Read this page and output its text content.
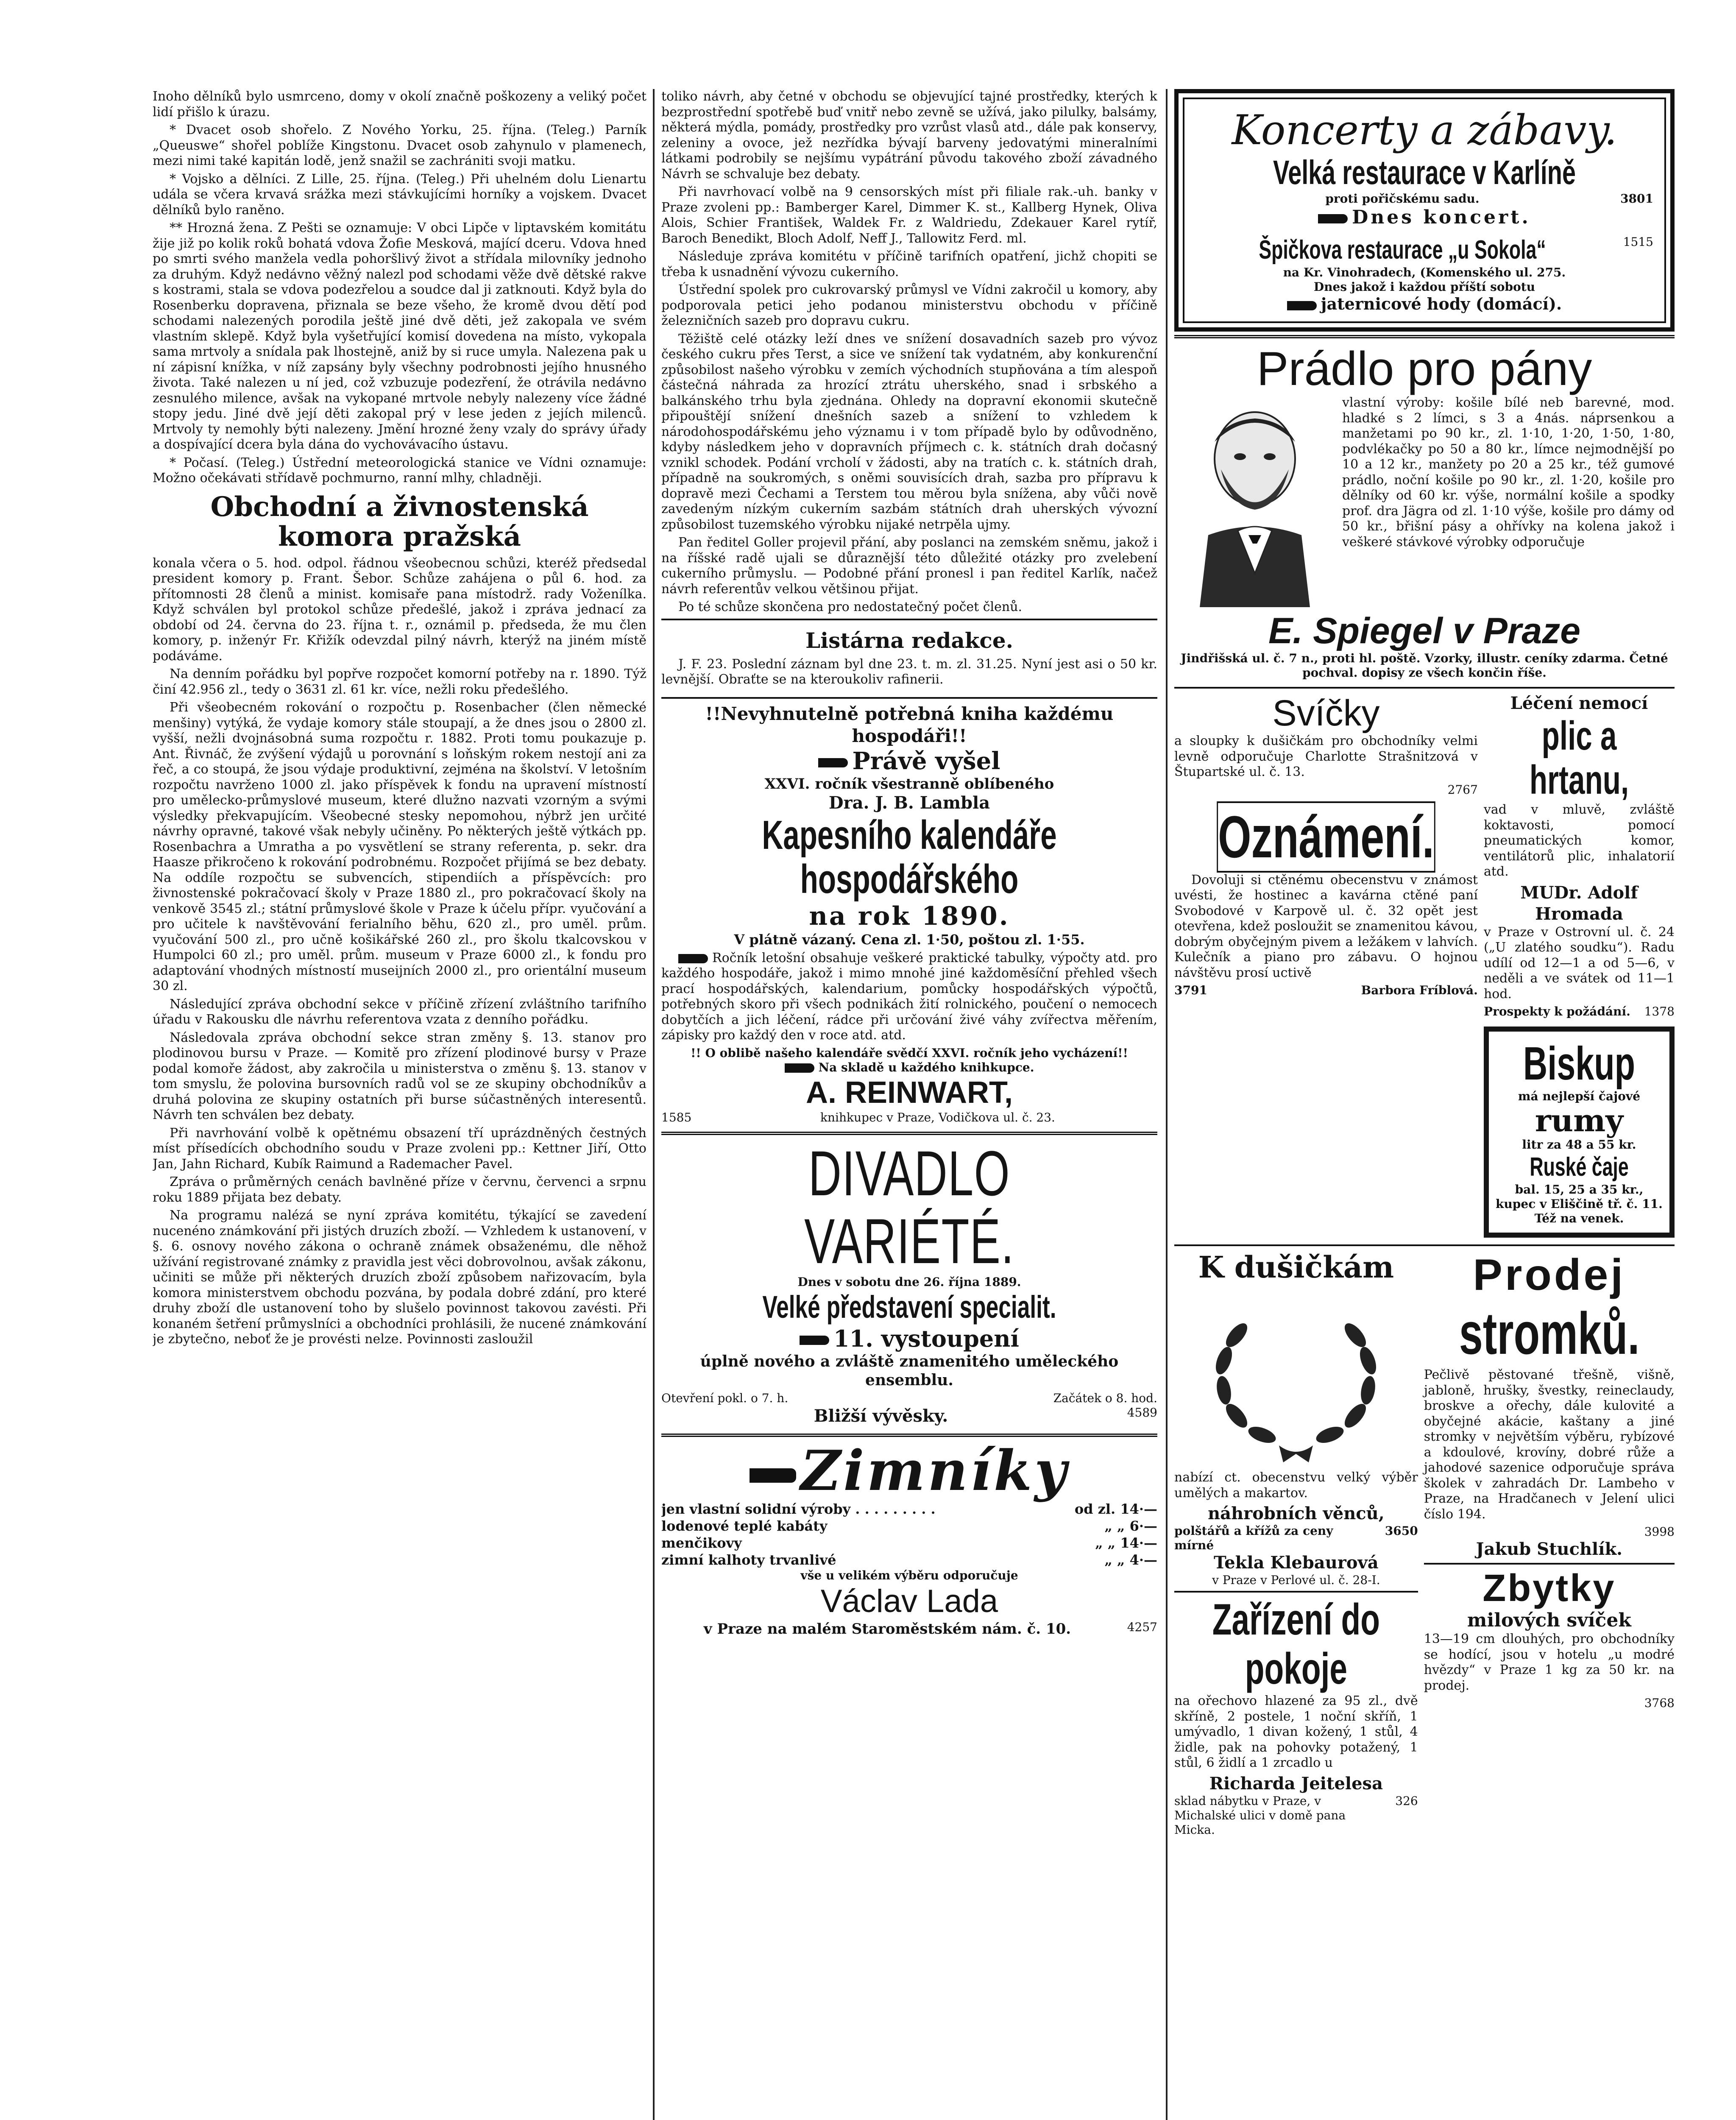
Inoho dělníků bylo usmrceno, domy v okolí značně poškozeny a veliký počet lidí přišlo k úrazu.

* Dvacet osob shořelo. Z Nového Yorku, 25. října. (Teleg.) Parník „Queuswe“ shořel poblíže Kingstonu. Dvacet osob zahynulo v plamenech, mezi nimi také kapitán lodě, jenž snažil se zachrániti svoji matku.

* Vojsko a dělníci. Z Lille, 25. října. (Teleg.) Při uhelném dolu Lienartu udála se včera krvavá srážka mezi stávkujícími horníky a vojskem. Dvacet dělníků bylo raněno.

** Hrozná žena. Z Pešti se oznamuje: V obci Lipče v liptavském komitátu žije již po kolik roků bohatá vdova Žofie Mesková, mající dceru. Vdova hned po smrti svého manžela vedla pohoršlivý život a střídala milovníky jednoho za druhým. Když nedávno věžný nalezl pod schodami věže dvě dětské rakve s kostrami, stala se vdova podezřelou a soudce dal ji zatknouti. Když byla do Rosenberku dopravena, přiznala se beze všeho, že kromě dvou dětí pod schodami nalezených porodila ještě jiné dvě děti, jež zakopala ve svém vlastním sklepě. Když byla vyšetřující komisí dovedena na místo, vykopala sama mrtvoly a snídala pak lhostejně, aniž by si ruce umyla. Nalezena pak u ní zápisní knížka, v níž zapsány byly všechny podrobnosti jejího hnusného života. Také nalezen u ní jed, což vzbuzuje podezření, že otrávila nedávno zesnulého milence, avšak na vykopané mrtvole nebyly nalezeny více žádné stopy jedu. Jiné dvě její děti zakopal prý v lese jeden z jejích milenců. Mrtvoly ty nemohly býti nalezeny. Jmění hrozné ženy vzaly do správy úřady a dospívající dcera byla dána do vychovávacího ústavu.

* Počasí. (Teleg.) Ústřední meteorologická stanice ve Vídni oznamuje: Možno očekávati střídavě pochmurno, ranní mlhy, chladněji.

Obchodní a živnostenská komora pražská

konala včera o 5. hod. odpol. řádnou všeobecnou schůzi, kteréž předsedal president komory p. Frant. Šebor. Schůze zahájena o půl 6. hod. za přítomnosti 28 členů a minist. komisaře pana místodrž. rady Voženílka. Když schválen byl protokol schůze předešlé, jakož i zpráva jednací za období od 24. června do 23. října t. r., oznámil p. předseda, že mu člen komory, p. inženýr Fr. Křižík odevzdal pilný návrh, kterýž na jiném místě podáváme.

Na denním pořádku byl popřve rozpočet komorní potřeby na r. 1890. Týž činí 42.956 zl., tedy o 3631 zl. 61 kr. více, nežli roku předešlého.

Při všeobecném rokování o rozpočtu p. Rosenbacher (člen německé menšiny) vytýká, že vydaje komory stále stoupají, a že dnes jsou o 2800 zl. vyšší, nežli dvojnásobná suma rozpočtu r. 1882. Proti tomu poukazuje p. Ant. Řivnáč, že zvýšení výdajů u porovnání s loňským rokem nestojí ani za řeč, a co stoupá, že jsou výdaje produktivní, zejména na školství. V letošním rozpočtu navrženo 1000 zl. jako příspěvek k fondu na upravení místností pro umělecko-průmyslové museum, které dlužno nazvati vzorným a svými výsledky překvapujícím. Všeobecné stesky nepomohou, nýbrž jen určité návrhy opravné, takové však nebyly učiněny. Po některých ještě výtkách pp. Rosenbachra a Umratha a po vysvětlení se strany referenta, p. sekr. dra Haasze přikročeno k rokování podrobnému. Rozpočet přijímá se bez debaty. Na oddíle rozpočtu se subvencích, stipendiích a příspěvcích: pro živnostenské pokračovací školy v Praze 1880 zl., pro pokračovací školy na venkově 3545 zl.; státní průmyslové škole v Praze k účelu přípr. vyučování a pro učitele k navštěvování ferialního běhu, 620 zl., pro uměl. prům. vyučování 500 zl., pro učně košikářské 260 zl., pro školu tkalcovskou v Humpolci 60 zl.; pro uměl. prům. museum v Praze 6000 zl., k fondu pro adaptování vhodných místností museijních 2000 zl., pro orientální museum 30 zl.

Následující zpráva obchodní sekce v příčině zřízení zvláštního tarifního úřadu v Rakousku dle návrhu referentova vzata z denního pořádku.

Následovala zpráva obchodní sekce stran změny §. 13. stanov pro plodinovou bursu v Praze. — Komitě pro zřízení plodinové bursy v Praze podal komoře žádost, aby zakročila u ministerstva o změnu §. 13. stanov v tom smyslu, že polovina bursovních radů vol se ze skupiny obchodníkův a druhá polovina ze skupiny ostatních při burse súčastněných interesentů. Návrh ten schválen bez debaty.

Při navrhování volbě k opětnému obsazení tří uprázdněných čestných míst přísedících obchodního soudu v Praze zvoleni pp.: Kettner Jiří, Otto Jan, Jahn Richard, Kubík Raimund a Rademacher Pavel.

Zpráva o průměrných cenách bavlněné příze v červnu, červenci a srpnu roku 1889 přijata bez debaty.

Na programu nalézá se nyní zpráva komitétu, týkající se zavedení nucenéno známkování při jistých druzích zboží. — Vzhledem k ustanovení, v §. 6. osnovy nového zákona o ochraně známek obsaženému, dle něhož užívání registrované známky z pravidla jest věci dobrovolnou, avšak zákonu, učiniti se může při některých druzích zboží způsobem nařizovacím, byla komora ministerstvem obchodu pozvána, by podala dobré zdání, pro které druhy zboží dle ustanovení toho by slušelo povinnost takovou zavésti. Při konaném šetření průmyslníci a obchodníci prohlásili, že nucené známkování je zbytečno, neboť že je provésti nelze. Povinnosti zasloužil

toliko návrh, aby četné v obchodu se objevující tajné prostředky, kterých k bezprostřední spotřebě buď vnitř nebo zevně se užívá, jako pilulky, balsámy, některá mýdla, pomády, prostředky pro vzrůst vlasů atd., dále pak konservy, zeleniny a ovoce, jež nezřídka bývají barveny jedovatými mineralními látkami podrobily se nejšímu vypátrání původu takového zboží závadného Návrh se schvaluje bez debaty.

Při navrhovací volbě na 9 censorských míst při filiale rak.-uh. banky v Praze zvoleni pp.: Bamberger Karel, Dimmer K. st., Kallberg Hynek, Oliva Alois, Schier František, Waldek Fr. z Waldriedu, Zdekauer Karel rytíř, Baroch Benedikt, Bloch Adolf, Neff J., Tallowitz Ferd. ml.

Následuje zpráva komitétu v příčině tarifních opatření, jichž chopiti se třeba k usnadnění vývozu cukerního.

Ústřední spolek pro cukrovarský průmysl ve Vídni zakročil u komory, aby podporovala petici jeho podanou ministerstvu obchodu v příčině železničních sazeb pro dopravu cukru.

Těžiště celé otázky leží dnes ve snížení dosavadních sazeb pro vývoz českého cukru přes Terst, a sice ve snížení tak vydatném, aby konkurenční způsobilost našeho výrobku v zemích východních stupňována a tím alespoň částečná náhrada za hrozící ztrátu uherského, snad i srbského a balkánského trhu byla zjednána. Ohledy na dopravní ekonomii skutečně připouštějí snížení dnešních sazeb a snížení to vzhledem k národohospodářskému jeho významu i v tom případě bylo by odůvodněno, kdyby následkem jeho v dopravních příjmech c. k. státních drah dočasný vznikl schodek. Podání vrcholí v žádosti, aby na tratích c. k. státních drah, případně na soukromých, s oněmi souvisících drah, sazba pro přípravu k dopravě mezi Čechami a Terstem tou měrou byla snížena, aby vůči nově zavedeným nízkým cukerním sazbám státních drah uherských vývozní způsobilost tuzemského výrobku nijaké netrpěla ujmy.

Pan ředitel Goller projevil přání, aby poslanci na zemském sněmu, jakož i na říšské radě ujali se důraznější této důležité otázky pro zvelebení cukerního průmyslu. — Podobné přání pronesl i pan ředitel Karlík, načež návrh referentův velkou většinou přijat.

Po té schůze skončena pro nedostatečný počet členů.

Listárna redakce.

J. F. 23. Poslední záznam byl dne 23. t. m. zl. 31.25. Nyní jest asi o 50 kr. levnější. Obraťte se na kteroukoliv rafinerii.

!!Nevyhnutelně potřebná kniha každému hospodáři!!
Právě vyšel
XXVI. ročník všestranně oblíbeného
Dra. J. B. Lambla
Kapesního kalendáře hospodářského
na rok 1890.
V plátně vázaný. Cena zl. 1·50, poštou zl. 1·55.

Ročník letošní obsahuje veškeré praktické tabulky, výpočty atd. pro každého hospodáře, jakož i mimo mnohé jiné každoměsíční přehled všech prací hospodářských, kalendarium, pomůcky hospodářských výpočtů, potřebných skoro při všech podnikách žití rolnického, poučení o nemocech dobytčích a jich léčení, rádce při určování živé váhy zvířectva měřením, zápisky pro každý den v roce atd. atd.

!! O oblibě našeho kalendáře svědčí XXVI. ročník jeho vycházení!!
Na skladě u každého knihkupce.
A. REINWART,
1585	knihkupec v Praze, Vodičkova ul. č. 23.
DIVADLO VARIÉTÉ.
Dnes v sobotu dne 26. října 1889.
Velké představení specialit.
11. vystoupení
úplně nového a zvláště znamenitého uměleckého ensemblu.
Otevření pokl. o 7. h.	Začátek o 8. hod.
Bližší vývěsky.	4589
Zimníky
jen vlastní solidní výroby . . . . . . . . .	od zl. 14·—
lodenové teplé kabáty	„ „ 6·—
menčikovy	„ „ 14·—
zimní kalhoty trvanlivé	„ „ 4·—
vše u velikém výběru odporučuje
Václav Lada
v Praze na malém Staroměstském nám. č. 10.	4257
Koncerty a zábavy.
Velká restaurace v Karlíně
proti pořičskému sadu.	3801
Dnes koncert.
Špičkova restaurace „u Sokola“	1515
na Kr. Vinohradech, (Komenského ul. 275.
Dnes jakož i každou příští sobotu
jaternicové hody (domácí).
Prádlo pro pány

vlastní výroby: košile bílé neb barevné, mod. hladké s 2 límci, s 3 a 4nás. náprsenkou a manžetami po 90 kr., zl. 1·10, 1·20, 1·50, 1·80, podvlékačky po 50 a 80 kr., límce nejmodnější po 10 a 12 kr., manžety po 20 a 25 kr., též gumové prádlo, noční košile po 90 kr., zl. 1·20, košile pro dělníky od 60 kr. výše, normální košile a spodky prof. dra Jägra od zl. 1·10 výše, košile pro dámy od 50 kr., břišní pásy a ohřívky na kolena jakož i veškeré stávkové výrobky odporučuje

E. Spiegel v Praze
Jindřišská ul. č. 7 n., proti hl. poště. Vzorky, illustr. ceníky zdarma. Četné pochval. dopisy ze všech končin říše.
Svíčky

a sloupky k dušičkám pro obchodníky velmi levně odporučuje Charlotte Strašnitzová v Štupartské ul. č. 13.

2767
Oznámení.

Dovoluji si ctěnému obecenstvu v známost uvésti, že hostinec a kavárna ctěné paní Svobodové v Karpově ul. č. 32 opět jest otevřena, kdež posloužit se znamenitou kávou, dobrým obyčejným pivem a ležákem v lahvích. Kulečník a piano pro zábavu. O hojnou návštěvu prosí uctivě

3791	Barbora Fríblová.
Léčení nemocí
plic a hrtanu,

vad v mluvě, zvláště koktavosti, pomocí pneumatických komor, ventilátorů plic, inhalatorií atd.

MUDr. Adolf Hromada

v Praze v Ostrovní ul. č. 24 („U zlatého soudku“). Radu udílí od 12—1 a od 5—6, v neděli a ve svátek od 11—1 hod.

Prospekty k požádání.	1378
Biskup
má nejlepší čajové
rumy
litr za 48 a 55 kr.
Ruské čaje
bal. 15, 25 a 35 kr., kupec v Eliščině tř. č. 11. Též na venek.
K dušičkám

nabízí ct. obecenstvu velký výběr umělých a makartov.

náhrobních věnců,
polštářů a křížů za ceny mírné
3650
Tekla Klebaurová
v Praze v Perlové ul. č. 28-I.
Zařízení do pokoje

na ořechovo hlazené za 95 zl., dvě skříně, 2 postele, 1 noční skříň, 1 umývadlo, 1 divan kožený, 1 stůl, 4 židle, pak na pohovky potažený, 1 stůl, 6 židlí a 1 zrcadlo u

Richarda Jeitelesa
sklad nábytku v Praze, v Michalské ulici v domě pana Micka.
326
Prodej
stromků.

Pečlivě pěstované třešně, višně, jabloně, hrušky, švestky, reineclaudy, broskve a ořechy, dále kulovité a obyčejné akácie, kaštany a jiné stromky v největším výběru, rybízové a kdoulové, krovíny, dobré růže a jahodové sazenice odporučuje správa školek v zahradách Dr. Lambeho v Praze, na Hradčanech v Jelení ulici číslo 194.

3998
Jakub Stuchlík.
Zbytky
milových svíček

13—19 cm dlouhých, pro obchodníky se hodící, jsou v hotelu „u modré hvězdy“ v Praze 1 kg za 50 kr. na prodej.

3768
